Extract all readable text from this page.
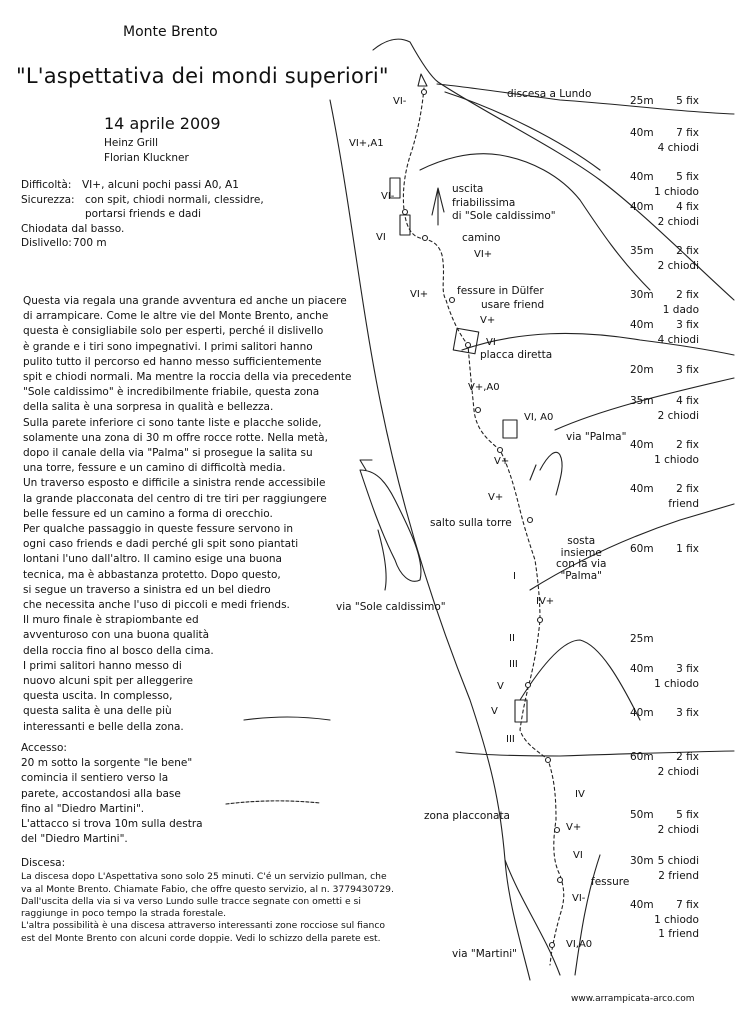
Monte Brento
"L'aspettativa dei mondi superiori"
14 aprile 2009
Heinz Grill
Florian Kluckner
Difficoltà: VI+, alcuni pochi passi A0, A1
Sicurezza: con spit, chiodi normali, clessidre,
portarsi friends e dadi
Chiodata dal basso.
Dislivello: 700 m
Questa via regala una grande avventura ed anche un piacere
di arrampicare. Come le altre vie del Monte Brento, anche
questa è consigliabile solo per esperti, perché il dislivello
è grande e i tiri sono impegnativi. I primi salitori hanno
pulito tutto il percorso ed hanno messo sufficientemente
spit e chiodi normali. Ma mentre la roccia della via precedente
"Sole caldissimo" è incredibilmente friabile, questa zona
della salita è una sorpresa in qualità e bellezza.
Sulla parete inferiore ci sono tante liste e placche solide,
solamente una zona di 30 m offre rocce rotte. Nella metà,
dopo il canale della via "Palma" si prosegue la salita su
una torre, fessure e un camino di difficoltà media.
Un traverso esposto e difficile a sinistra rende accessibile
la grande placconata del centro di tre tiri per raggiungere
belle fessure ed un camino a forma di orecchio.
Per qualche passaggio in queste fessure servono in
ogni caso friends e dadi perché gli spit sono piantati
lontani l'uno dall'altro. Il camino esige una buona
tecnica, ma è abbastanza protetto. Dopo questo,
si segue un traverso a sinistra ed un bel diedro
che necessita anche l'uso di piccoli e medi friends.
Il muro finale è strapiombante ed
avventuroso con una buona qualità
della roccia fino al bosco della cima.
I primi salitori hanno messo di
nuovo alcuni spit per alleggerire
questa uscita. In complesso,
questa salita è una delle più
interessanti e belle della zona.
Accesso:
20 m sotto la sorgente "le bene"
comincia il sentiero verso la
parete, accostandosi alla base
fino al "Diedro Martini".
L'attacco si trova 10m sulla destra
del "Diedro Martini".
Discesa:
La discesa dopo L'Aspettativa sono solo 25 minuti. C'é un servizio pullman, che
va al Monte Brento. Chiamate Fabio, che offre questo servizio, al n. 3779430729.
Dall'uscita della via si va verso Lundo sulle tracce segnate con ometti e si
raggiunge in poco tempo la strada forestale.
L'altra possibilità è una discesa attraverso interessanti zone rocciose sul fianco
est del Monte Brento con alcuni corde doppie. Vedi lo schizzo della parete est.
25m 5 fix
40m 7 fix
4 chiodi
40m 5 fix
1 chiodo
40m 4 fix
2 chiodi
35m 2 fix
2 chiodi
30m 2 fix
1 dado
40m 3 fix
4 chiodi
20m 3 fix
35m 4 fix
2 chiodi
40m 2 fix
1 chiodo
40m 2 fix
friend
60m 1 fix
25m
40m 3 fix
1 chiodo
40m 3 fix
60m 2 fix
2 chiodi
50m 5 fix
2 chiodi
30m 5 chiodi
2 friend
40m 7 fix
1 chiodo
1 friend
discesa a Lundo
uscita
friabilissima
di "Sole caldissimo"
camino
fessure in Dülfer
usare friend
placca diretta
via "Palma"
salto sulla torre
sosta
insieme
con la via
"Palma"
via "Sole caldissimo"
zona placconata
fessure
via "Martini"
VI-
VI+,A1
VI-
VI
VI+
VI+
V+
VI
V+,A0
VI, A0
V+
V+
I
IV+
II
III
V
V
III
IV
V+
VI
VI-
VI,A0
www.arrampicata-arco.com
